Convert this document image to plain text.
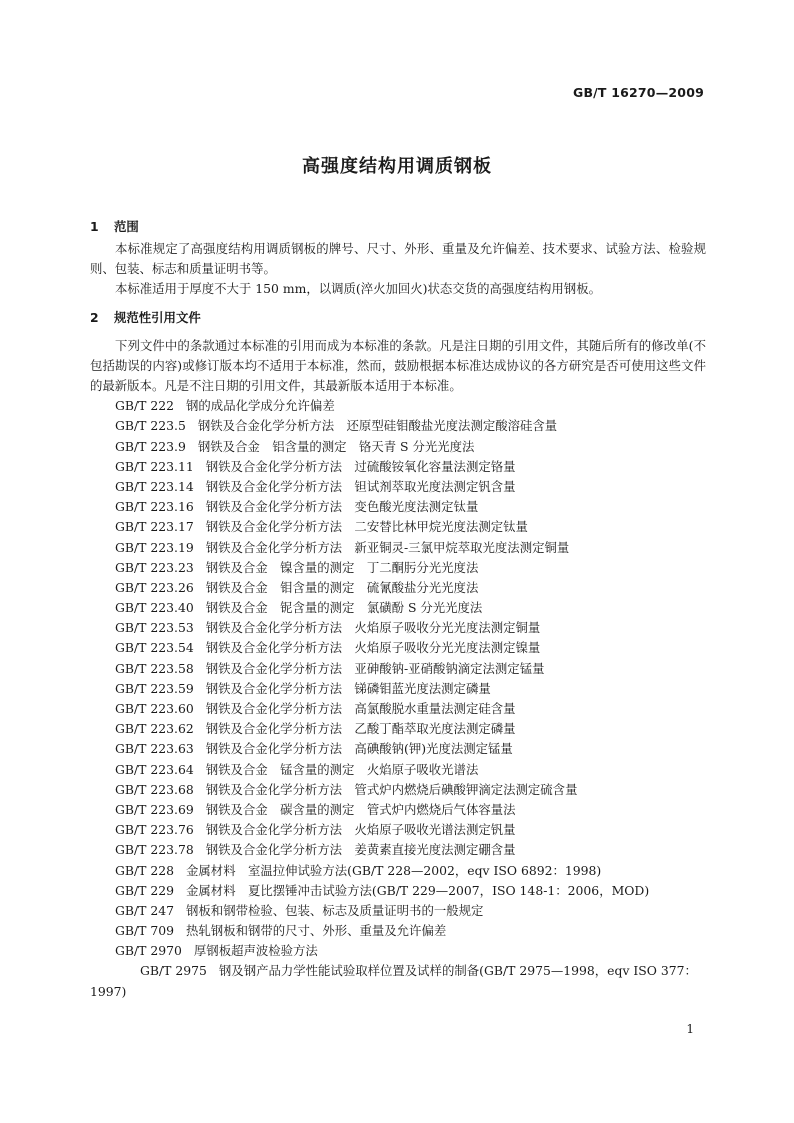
GB/T 16270—2009
高强度结构用调质钢板
1 范围

本标准规定了高强度结构用调质钢板的牌号、尺寸、外形、重量及允许偏差、技术要求、试验方法、检验规则、包装、标志和质量证明书等。

本标准适用于厚度不大于 150 mm，以调质(淬火加回火)状态交货的高强度结构用钢板。

2 规范性引用文件

下列文件中的条款通过本标准的引用而成为本标准的条款。凡是注日期的引用文件，其随后所有的修改单(不包括勘误的内容)或修订版本均不适用于本标准，然而，鼓励根据本标准达成协议的各方研究是否可使用这些文件的最新版本。凡是不注日期的引用文件，其最新版本适用于本标准。

GB/T 222 钢的成品化学成分允许偏差
GB/T 223.5 钢铁及合金化学分析方法　还原型硅钼酸盐光度法测定酸溶硅含量
GB/T 223.9 钢铁及合金　铝含量的测定　铬天青 S 分光光度法
GB/T 223.11 钢铁及合金化学分析方法　过硫酸铵氧化容量法测定铬量
GB/T 223.14 钢铁及合金化学分析方法　钽试剂萃取光度法测定钒含量
GB/T 223.16 钢铁及合金化学分析方法　变色酸光度法测定钛量
GB/T 223.17 钢铁及合金化学分析方法　二安替比林甲烷光度法测定钛量
GB/T 223.19 钢铁及合金化学分析方法　新亚铜灵-三氯甲烷萃取光度法测定铜量
GB/T 223.23 钢铁及合金　镍含量的测定　丁二酮肟分光光度法
GB/T 223.26 钢铁及合金　钼含量的测定　硫氰酸盐分光光度法
GB/T 223.40 钢铁及合金　铌含量的测定　氯磺酚 S 分光光度法
GB/T 223.53 钢铁及合金化学分析方法　火焰原子吸收分光光度法测定铜量
GB/T 223.54 钢铁及合金化学分析方法　火焰原子吸收分光光度法测定镍量
GB/T 223.58 钢铁及合金化学分析方法　亚砷酸钠-亚硝酸钠滴定法测定锰量
GB/T 223.59 钢铁及合金化学分析方法　锑磷钼蓝光度法测定磷量
GB/T 223.60 钢铁及合金化学分析方法　高氯酸脱水重量法测定硅含量
GB/T 223.62 钢铁及合金化学分析方法　乙酸丁酯萃取光度法测定磷量
GB/T 223.63 钢铁及合金化学分析方法　高碘酸钠(钾)光度法测定锰量
GB/T 223.64 钢铁及合金　锰含量的测定　火焰原子吸收光谱法
GB/T 223.68 钢铁及合金化学分析方法　管式炉内燃烧后碘酸钾滴定法测定硫含量
GB/T 223.69 钢铁及合金　碳含量的测定　管式炉内燃烧后气体容量法
GB/T 223.76 钢铁及合金化学分析方法　火焰原子吸收光谱法测定钒量
GB/T 223.78 钢铁及合金化学分析方法　姜黄素直接光度法测定硼含量
GB/T 228 金属材料　室温拉伸试验方法(GB/T 228—2002，eqv ISO 6892：1998)
GB/T 229 金属材料　夏比摆锤冲击试验方法(GB/T 229—2007，ISO 148-1：2006，MOD)
GB/T 247 钢板和钢带检验、包装、标志及质量证明书的一般规定
GB/T 709 热轧钢板和钢带的尺寸、外形、重量及允许偏差
GB/T 2970 厚钢板超声波检验方法
GB/T 2975 钢及钢产品力学性能试验取样位置及试样的制备(GB/T 2975—1998，eqv ISO 377：1997)
1
